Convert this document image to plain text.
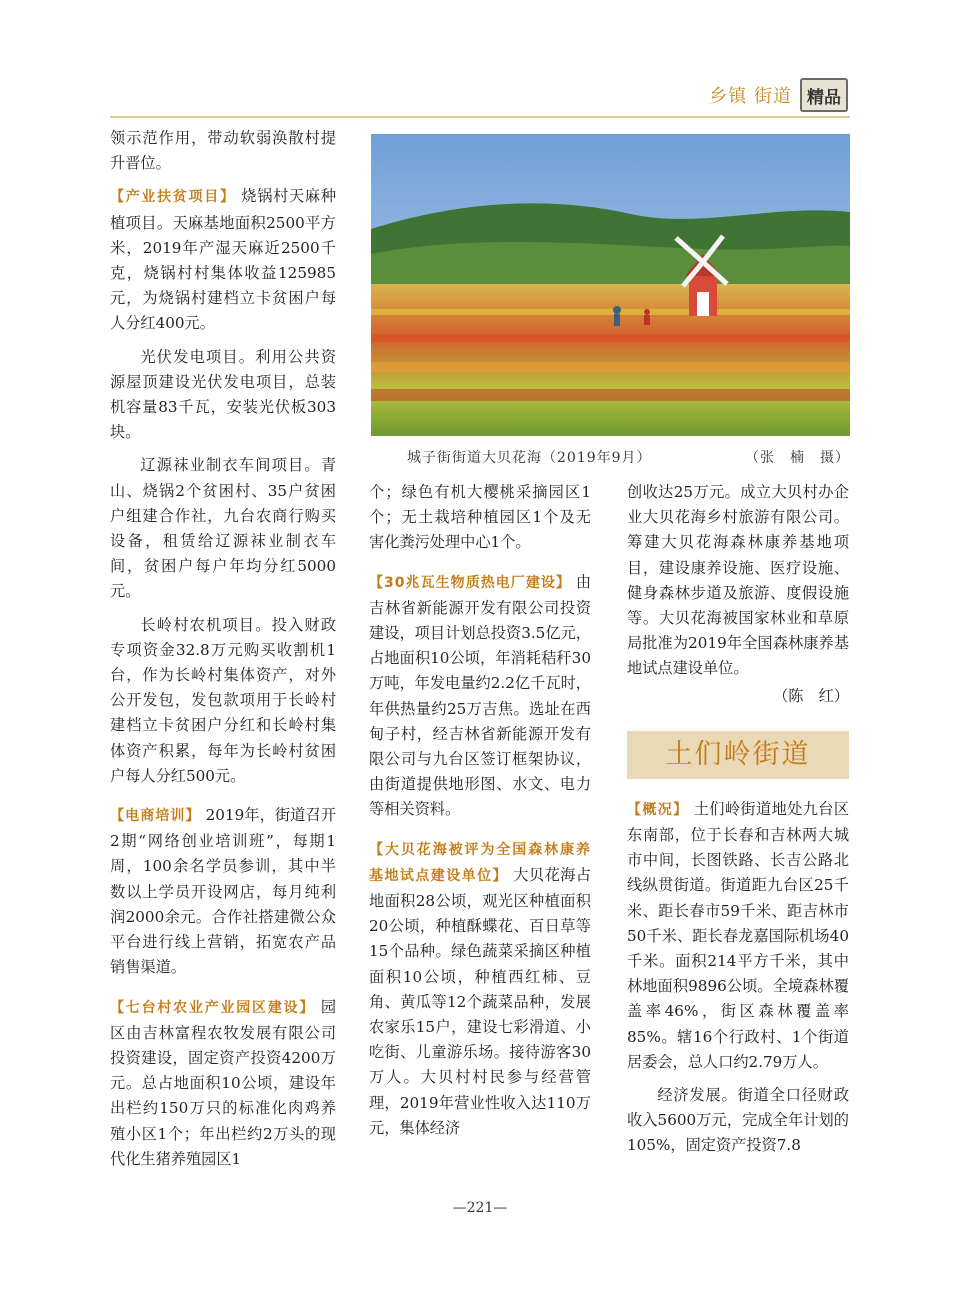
乡镇 街道 精品

领示范作用，带动软弱涣散村提升晋位。

【产业扶贫项目】 烧锅村天麻种植项目。天麻基地面积2500平方米，2019年产湿天麻近2500千克，烧锅村村集体收益125985元，为烧锅村建档立卡贫困户每人分红400元。

光伏发电项目。利用公共资源屋顶建设光伏发电项目，总装机容量83千瓦，安装光伏板303块。

辽源袜业制衣车间项目。青山、烧锅2个贫困村、35户贫困户组建合作社，九台农商行购买设备，租赁给辽源袜业制衣车间，贫困户每户年均分红5000元。

长岭村农机项目。投入财政专项资金32.8万元购买收割机1台，作为长岭村集体资产，对外公开发包，发包款项用于长岭村建档立卡贫困户分红和长岭村集体资产积累，每年为长岭村贫困户每人分红500元。

【电商培训】 2019年，街道召开2期“网络创业培训班”，每期1周，100余名学员参训，其中半数以上学员开设网店，每月纯利润2000余元。合作社搭建微公众平台进行线上营销，拓宽农产品销售渠道。

【七台村农业产业园区建设】 园区由吉林富程农牧发展有限公司投资建设，固定资产投资4200万元。总占地面积10公顷，建设年出栏约150万只的标准化肉鸡养殖小区1个；年出栏约2万头的现代化生猪养殖园区1

城子街街道大贝花海（2019年9月）	（张　楠　摄）

个；绿色有机大樱桃采摘园区1个；无土栽培种植园区1个及无害化粪污处理中心1个。

【30兆瓦生物质热电厂建设】 由吉林省新能源开发有限公司投资建设，项目计划总投资3.5亿元，占地面积10公顷，年消耗秸秆30万吨，年发电量约2.2亿千瓦时，年供热量约25万吉焦。选址在西甸子村，经吉林省新能源开发有限公司与九台区签订框架协议，由街道提供地形图、水文、电力等相关资料。

【大贝花海被评为全国森林康养基地试点建设单位】 大贝花海占地面积28公顷，观光区种植面积20公顷，种植酥蝶花、百日草等15个品种。绿色蔬菜采摘区种植面积10公顷，种植西红柿、豆角、黄瓜等12个蔬菜品种，发展农家乐15户，建设七彩滑道、小吃街、儿童游乐场。接待游客30万人。大贝村村民参与经营管理，2019年营业性收入达110万元，集体经济

创收达25万元。成立大贝村办企业大贝花海乡村旅游有限公司。筹建大贝花海森林康养基地项目，建设康养设施、医疗设施、健身森林步道及旅游、度假设施等。大贝花海被国家林业和草原局批准为2019年全国森林康养基地试点建设单位。

（陈　红）

土们岭街道

【概况】 土们岭街道地处九台区东南部，位于长春和吉林两大城市中间，长图铁路、长吉公路北线纵贯街道。街道距九台区25千米、距长春市59千米、距吉林市50千米、距长春龙嘉国际机场40千米。面积214平方千米，其中林地面积9896公顷。全境森林覆盖率46%，街区森林覆盖率85%。辖16个行政村、1个街道居委会，总人口约2.79万人。

经济发展。街道全口径财政收入5600万元，完成全年计划的105%，固定资产投资7.8

—221—
